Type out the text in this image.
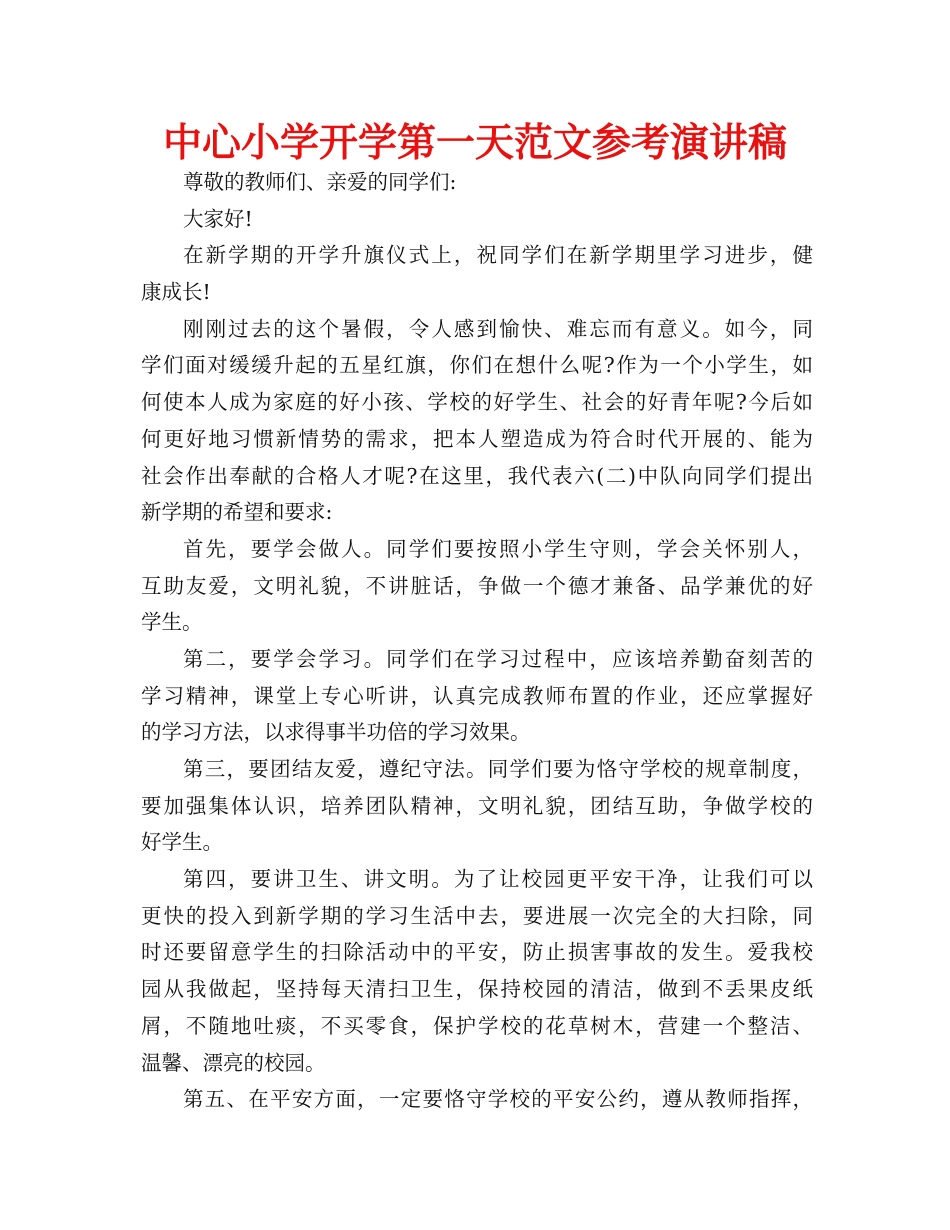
中心小学开学第一天范文参考演讲稿
尊敬的教师们、亲爱的同学们:
大家好!
在新学期的开学升旗仪式上，祝同学们在新学期里学习进步，健
康成长!
刚刚过去的这个暑假，令人感到愉快、难忘而有意义。如今，同
学们面对缓缓升起的五星红旗，你们在想什么呢?作为一个小学生，如
何使本人成为家庭的好小孩、学校的好学生、社会的好青年呢?今后如
何更好地习惯新情势的需求，把本人塑造成为符合时代开展的、能为
社会作出奉献的合格人才呢?在这里，我代表六(二)中队向同学们提出
新学期的希望和要求:
首先，要学会做人。同学们要按照小学生守则，学会关怀别人，
互助友爱，文明礼貌，不讲脏话，争做一个德才兼备、品学兼优的好
学生。
第二，要学会学习。同学们在学习过程中，应该培养勤奋刻苦的
学习精神，课堂上专心听讲，认真完成教师布置的作业，还应掌握好
的学习方法，以求得事半功倍的学习效果。
第三，要团结友爱，遵纪守法。同学们要为恪守学校的规章制度，
要加强集体认识，培养团队精神，文明礼貌，团结互助，争做学校的
好学生。
第四，要讲卫生、讲文明。为了让校园更平安干净，让我们可以
更快的投入到新学期的学习生活中去，要进展一次完全的大扫除，同
时还要留意学生的扫除活动中的平安，防止损害事故的发生。爱我校
园从我做起，坚持每天清扫卫生，保持校园的清洁，做到不丢果皮纸
屑，不随地吐痰，不买零食，保护学校的花草树木，营建一个整洁、
温馨、漂亮的校园。
第五、在平安方面，一定要恪守学校的平安公约，遵从教师指挥，
